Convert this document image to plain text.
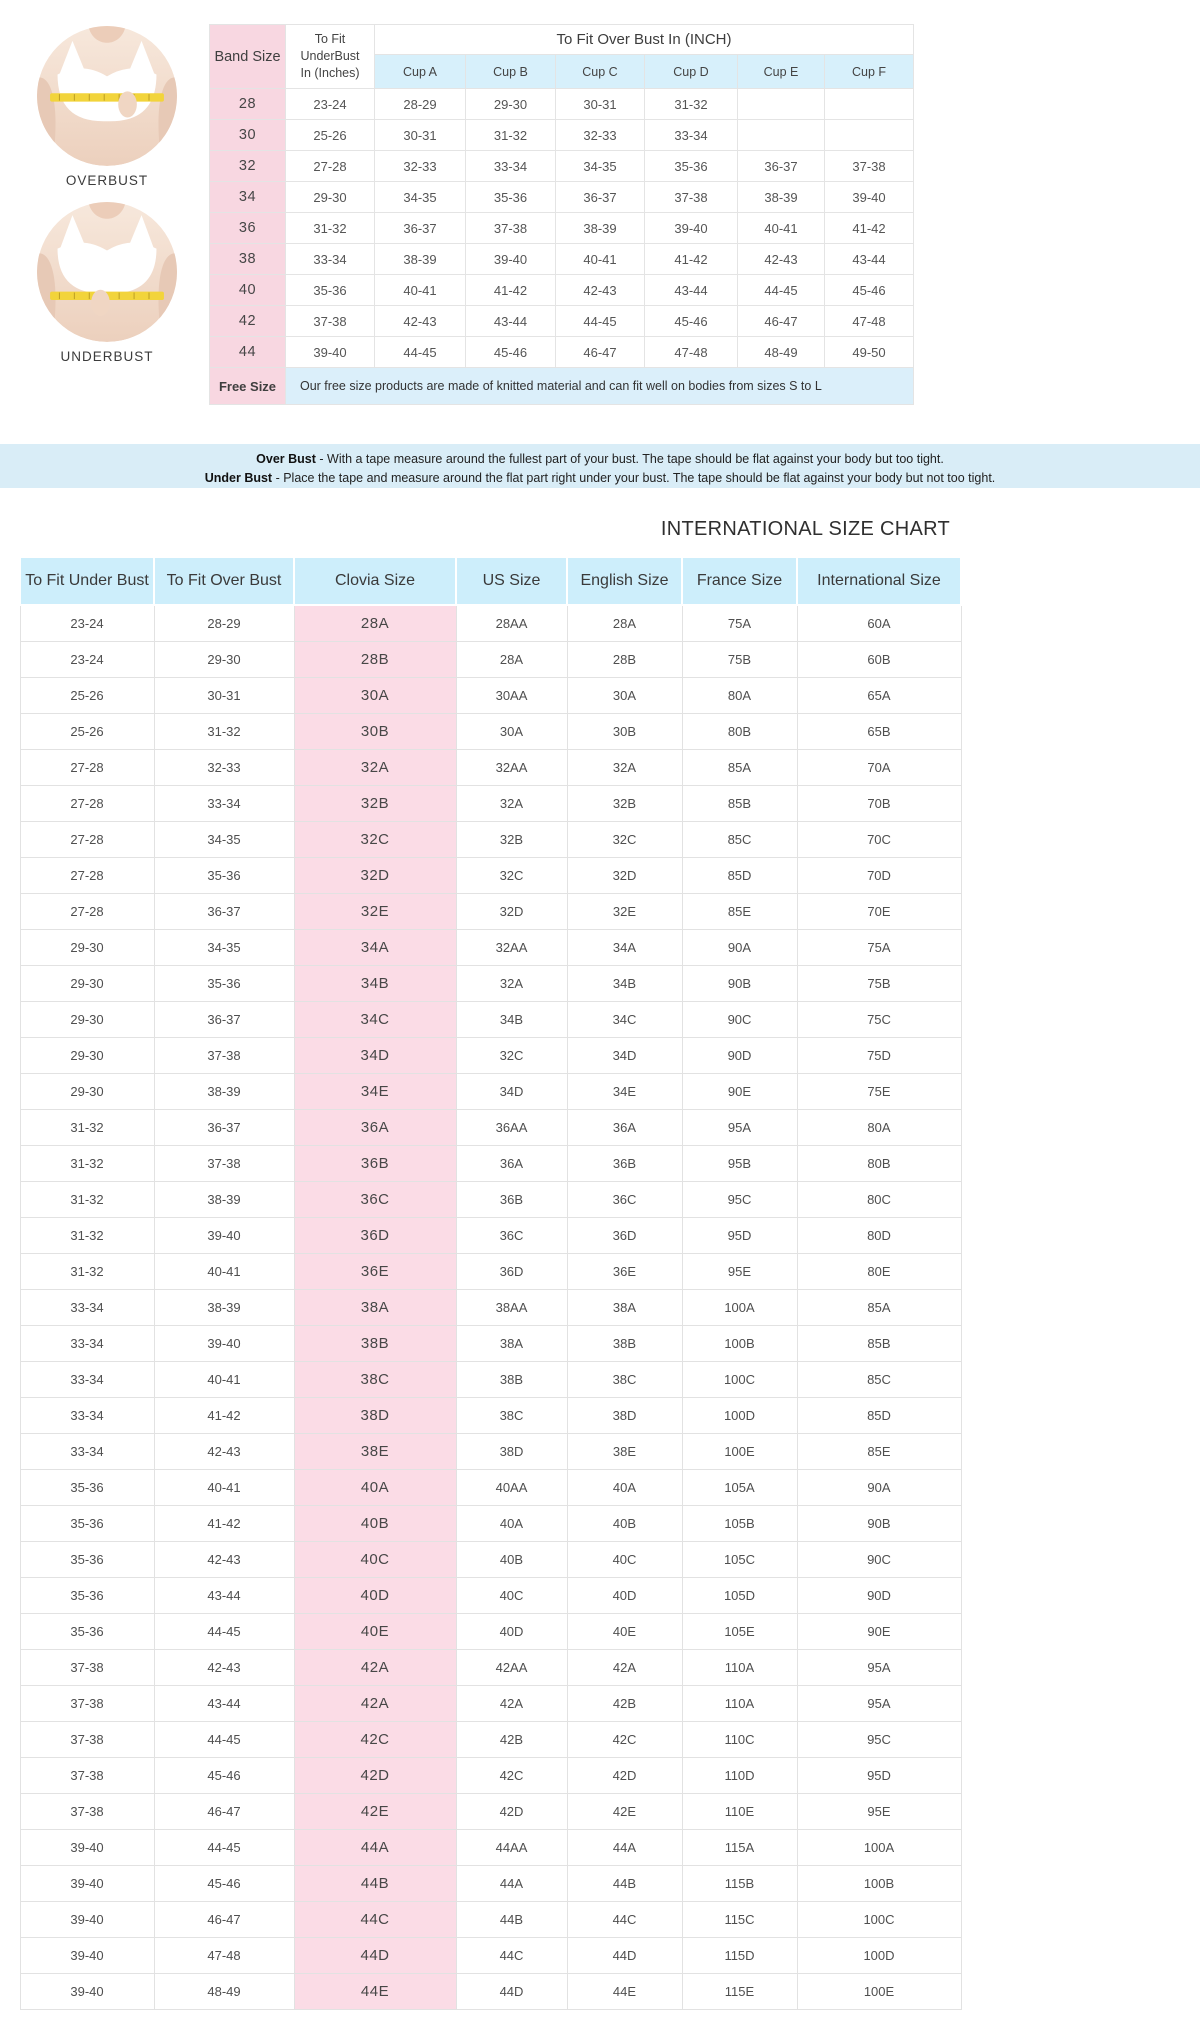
OVERBUST
UNDERBUST
Band Size	To Fit UnderBust In (Inches)	To Fit Over Bust In (INCH)					
		Cup A	Cup B	Cup C	Cup D	Cup E	Cup F
28	23-24	28-29	29-30	30-31	31-32		
30	25-26	30-31	31-32	32-33	33-34		
32	27-28	32-33	33-34	34-35	35-36	36-37	37-38
34	29-30	34-35	35-36	36-37	37-38	38-39	39-40
36	31-32	36-37	37-38	38-39	39-40	40-41	41-42
38	33-34	38-39	39-40	40-41	41-42	42-43	43-44
40	35-36	40-41	41-42	42-43	43-44	44-45	45-46
42	37-38	42-43	43-44	44-45	45-46	46-47	47-48
44	39-40	44-45	45-46	46-47	47-48	48-49	49-50
Free Size	Our free size products are made of knitted material and can fit well on bodies from sizes S to L						

Over Bust - With a tape measure around the fullest part of your bust. The tape should be flat against your body but too tight.

Under Bust - Place the tape and measure around the flat part right under your bust. The tape should be flat against your body but not too tight.

INTERNATIONAL SIZE CHART
To Fit Under Bust	To Fit Over Bust	Clovia Size	US Size	English Size	France Size	International Size
23-24	28-29	28A	28AA	28A	75A	60A
23-24	29-30	28B	28A	28B	75B	60B
25-26	30-31	30A	30AA	30A	80A	65A
25-26	31-32	30B	30A	30B	80B	65B
27-28	32-33	32A	32AA	32A	85A	70A
27-28	33-34	32B	32A	32B	85B	70B
27-28	34-35	32C	32B	32C	85C	70C
27-28	35-36	32D	32C	32D	85D	70D
27-28	36-37	32E	32D	32E	85E	70E
29-30	34-35	34A	32AA	34A	90A	75A
29-30	35-36	34B	32A	34B	90B	75B
29-30	36-37	34C	34B	34C	90C	75C
29-30	37-38	34D	32C	34D	90D	75D
29-30	38-39	34E	34D	34E	90E	75E
31-32	36-37	36A	36AA	36A	95A	80A
31-32	37-38	36B	36A	36B	95B	80B
31-32	38-39	36C	36B	36C	95C	80C
31-32	39-40	36D	36C	36D	95D	80D
31-32	40-41	36E	36D	36E	95E	80E
33-34	38-39	38A	38AA	38A	100A	85A
33-34	39-40	38B	38A	38B	100B	85B
33-34	40-41	38C	38B	38C	100C	85C
33-34	41-42	38D	38C	38D	100D	85D
33-34	42-43	38E	38D	38E	100E	85E
35-36	40-41	40A	40AA	40A	105A	90A
35-36	41-42	40B	40A	40B	105B	90B
35-36	42-43	40C	40B	40C	105C	90C
35-36	43-44	40D	40C	40D	105D	90D
35-36	44-45	40E	40D	40E	105E	90E
37-38	42-43	42A	42AA	42A	110A	95A
37-38	43-44	42A	42A	42B	110A	95A
37-38	44-45	42C	42B	42C	110C	95C
37-38	45-46	42D	42C	42D	110D	95D
37-38	46-47	42E	42D	42E	110E	95E
39-40	44-45	44A	44AA	44A	115A	100A
39-40	45-46	44B	44A	44B	115B	100B
39-40	46-47	44C	44B	44C	115C	100C
39-40	47-48	44D	44C	44D	115D	100D
39-40	48-49	44E	44D	44E	115E	100E
